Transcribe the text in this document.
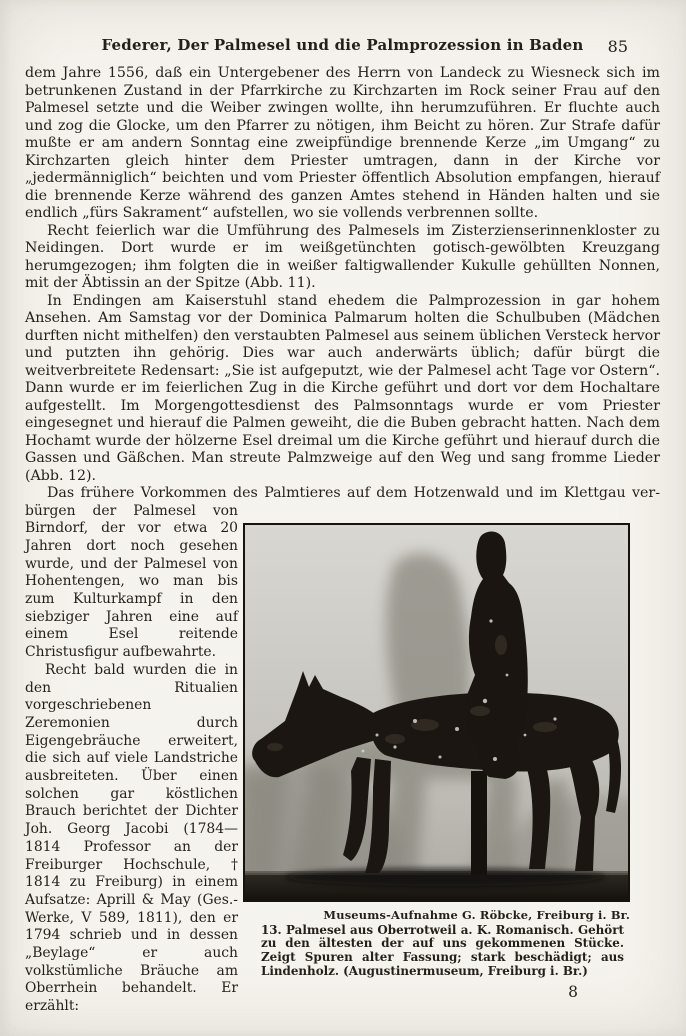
Federer, Der Palmesel und die Palmprozession in Baden 85

dem Jahre 1556, daß ein Untergebener des Herrn von Landeck zu Wiesneck sich im betrunkenen Zustand in der Pfarrkirche zu Kirchzarten im Rock seiner Frau auf den Palmesel setzte und die Weiber zwingen wollte, ihn herumzuführen. Er fluchte auch und zog die Glocke, um den Pfarrer zu nötigen, ihm Beicht zu hören. Zur Strafe dafür mußte er am andern Sonntag eine zweipfündige brennende Kerze „im Umgang“ zu Kirchzarten gleich hinter dem Priester umtragen, dann in der Kirche vor „jedermänniglich“ beichten und vom Priester öffentlich Absolution empfangen, hierauf die brennende Kerze während des ganzen Amtes stehend in Händen halten und sie endlich „fürs Sakrament“ aufstellen, wo sie vollends verbrennen sollte.

Recht feierlich war die Umführung des Palmesels im Zisterzienserinnenkloster zu Neidingen. Dort wurde er im weißgetünchten gotisch-gewölbten Kreuzgang herumgezogen; ihm folgten die in weißer faltigwallender Kukulle gehüllten Nonnen, mit der Äbtissin an der Spitze (Abb. 11).

In Endingen am Kaiserstuhl stand ehedem die Palmprozession in gar hohem Ansehen. Am Samstag vor der Dominica Palmarum holten die Schulbuben (Mädchen durften nicht mithelfen) den verstaubten Palmesel aus seinem üblichen Versteck hervor und putzten ihn gehörig. Dies war auch anderwärts üblich; dafür bürgt die weitverbreitete Redensart: „Sie ist aufgeputzt, wie der Palmesel acht Tage vor Ostern“. Dann wurde er im feierlichen Zug in die Kirche geführt und dort vor dem Hochaltare aufgestellt. Im Morgengottesdienst des Palmsonntags wurde er vom Priester eingesegnet und hierauf die Palmen geweiht, die die Buben gebracht hatten. Nach dem Hochamt wurde der hölzerne Esel dreimal um die Kirche geführt und hierauf durch die Gassen und Gäßchen. Man streute Palmzweige auf den Weg und sang fromme Lieder (Abb. 12).

Das frühere Vorkommen des Palmtieres auf dem Hotzenwald und im Klettgau ver-

bürgen der Palmesel von Birndorf, der vor etwa 20 Jahren dort noch gesehen wurde, und der Palmesel von Hohentengen, wo man bis zum Kulturkampf in den siebziger Jahren eine auf einem Esel reitende Christusfigur aufbewahrte.

Recht bald wurden die in den Ritualien vorgeschriebenen Zeremonien durch Eigengebräuche erweitert, die sich auf viele Landstriche ausbreiteten. Über einen solchen gar köstlichen Brauch berichtet der Dichter Joh. Georg Jacobi (1784—1814 Professor an der Freiburger Hochschule, † 1814 zu Freiburg) in einem Aufsatze: Aprill & May (Ges.-Werke, V 589, 1811), den er 1794 schrieb und in dessen „Beylage“ er auch volkstümliche Bräuche am Oberrhein behandelt. Er erzählt:

Museums-Aufnahme G. Röbcke, Freiburg i. Br.
13. Palmesel aus Oberrotweil a. K. Romanisch. Gehört zu den ältesten der auf uns gekommenen Stücke. Zeigt Spuren alter Fassung; stark beschädigt; aus Lindenholz. (Augustinermuseum, Freiburg i. Br.)
8
